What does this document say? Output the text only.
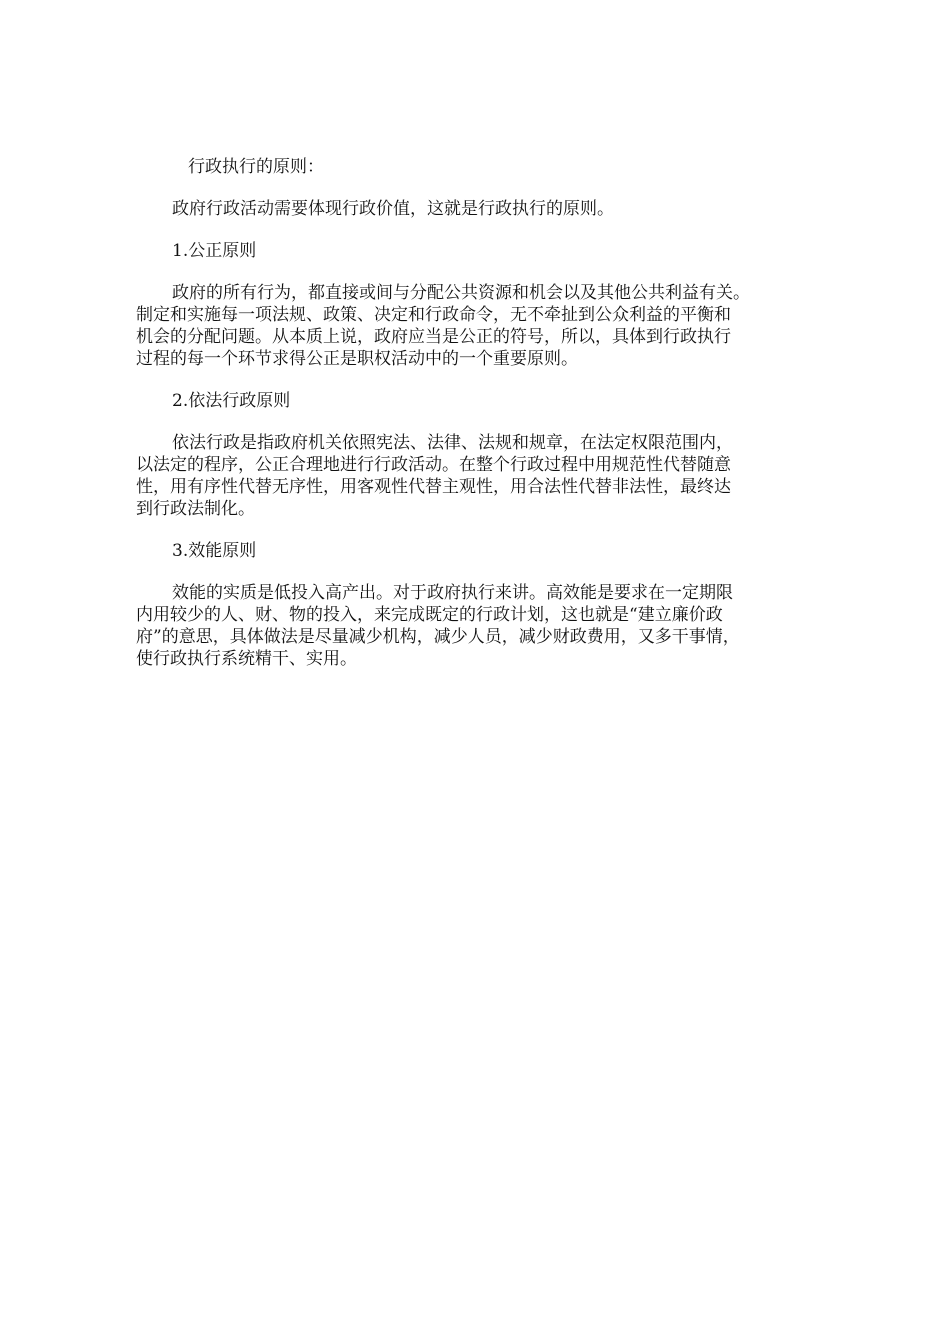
行政执行的原则：

政府行政活动需要体现行政价值，这就是行政执行的原则。

1.公正原则

政府的所有行为，都直接或间与分配公共资源和机会以及其他公共利益有关。

制定和实施每一项法规、政策、决定和行政命令，无不牵扯到公众利益的平衡和

机会的分配问题。从本质上说，政府应当是公正的符号，所以，具体到行政执行

过程的每一个环节求得公正是职权活动中的一个重要原则。

2.依法行政原则

依法行政是指政府机关依照宪法、法律、法规和规章，在法定权限范围内，

以法定的程序，公正合理地进行行政活动。在整个行政过程中用规范性代替随意

性，用有序性代替无序性，用客观性代替主观性，用合法性代替非法性，最终达

到行政法制化。

3.效能原则

效能的实质是低投入高产出。对于政府执行来讲。高效能是要求在一定期限

内用较少的人、财、物的投入，来完成既定的行政计划，这也就是“建立廉价政

府”的意思，具体做法是尽量减少机构，减少人员，减少财政费用，又多干事情，

使行政执行系统精干、实用。
